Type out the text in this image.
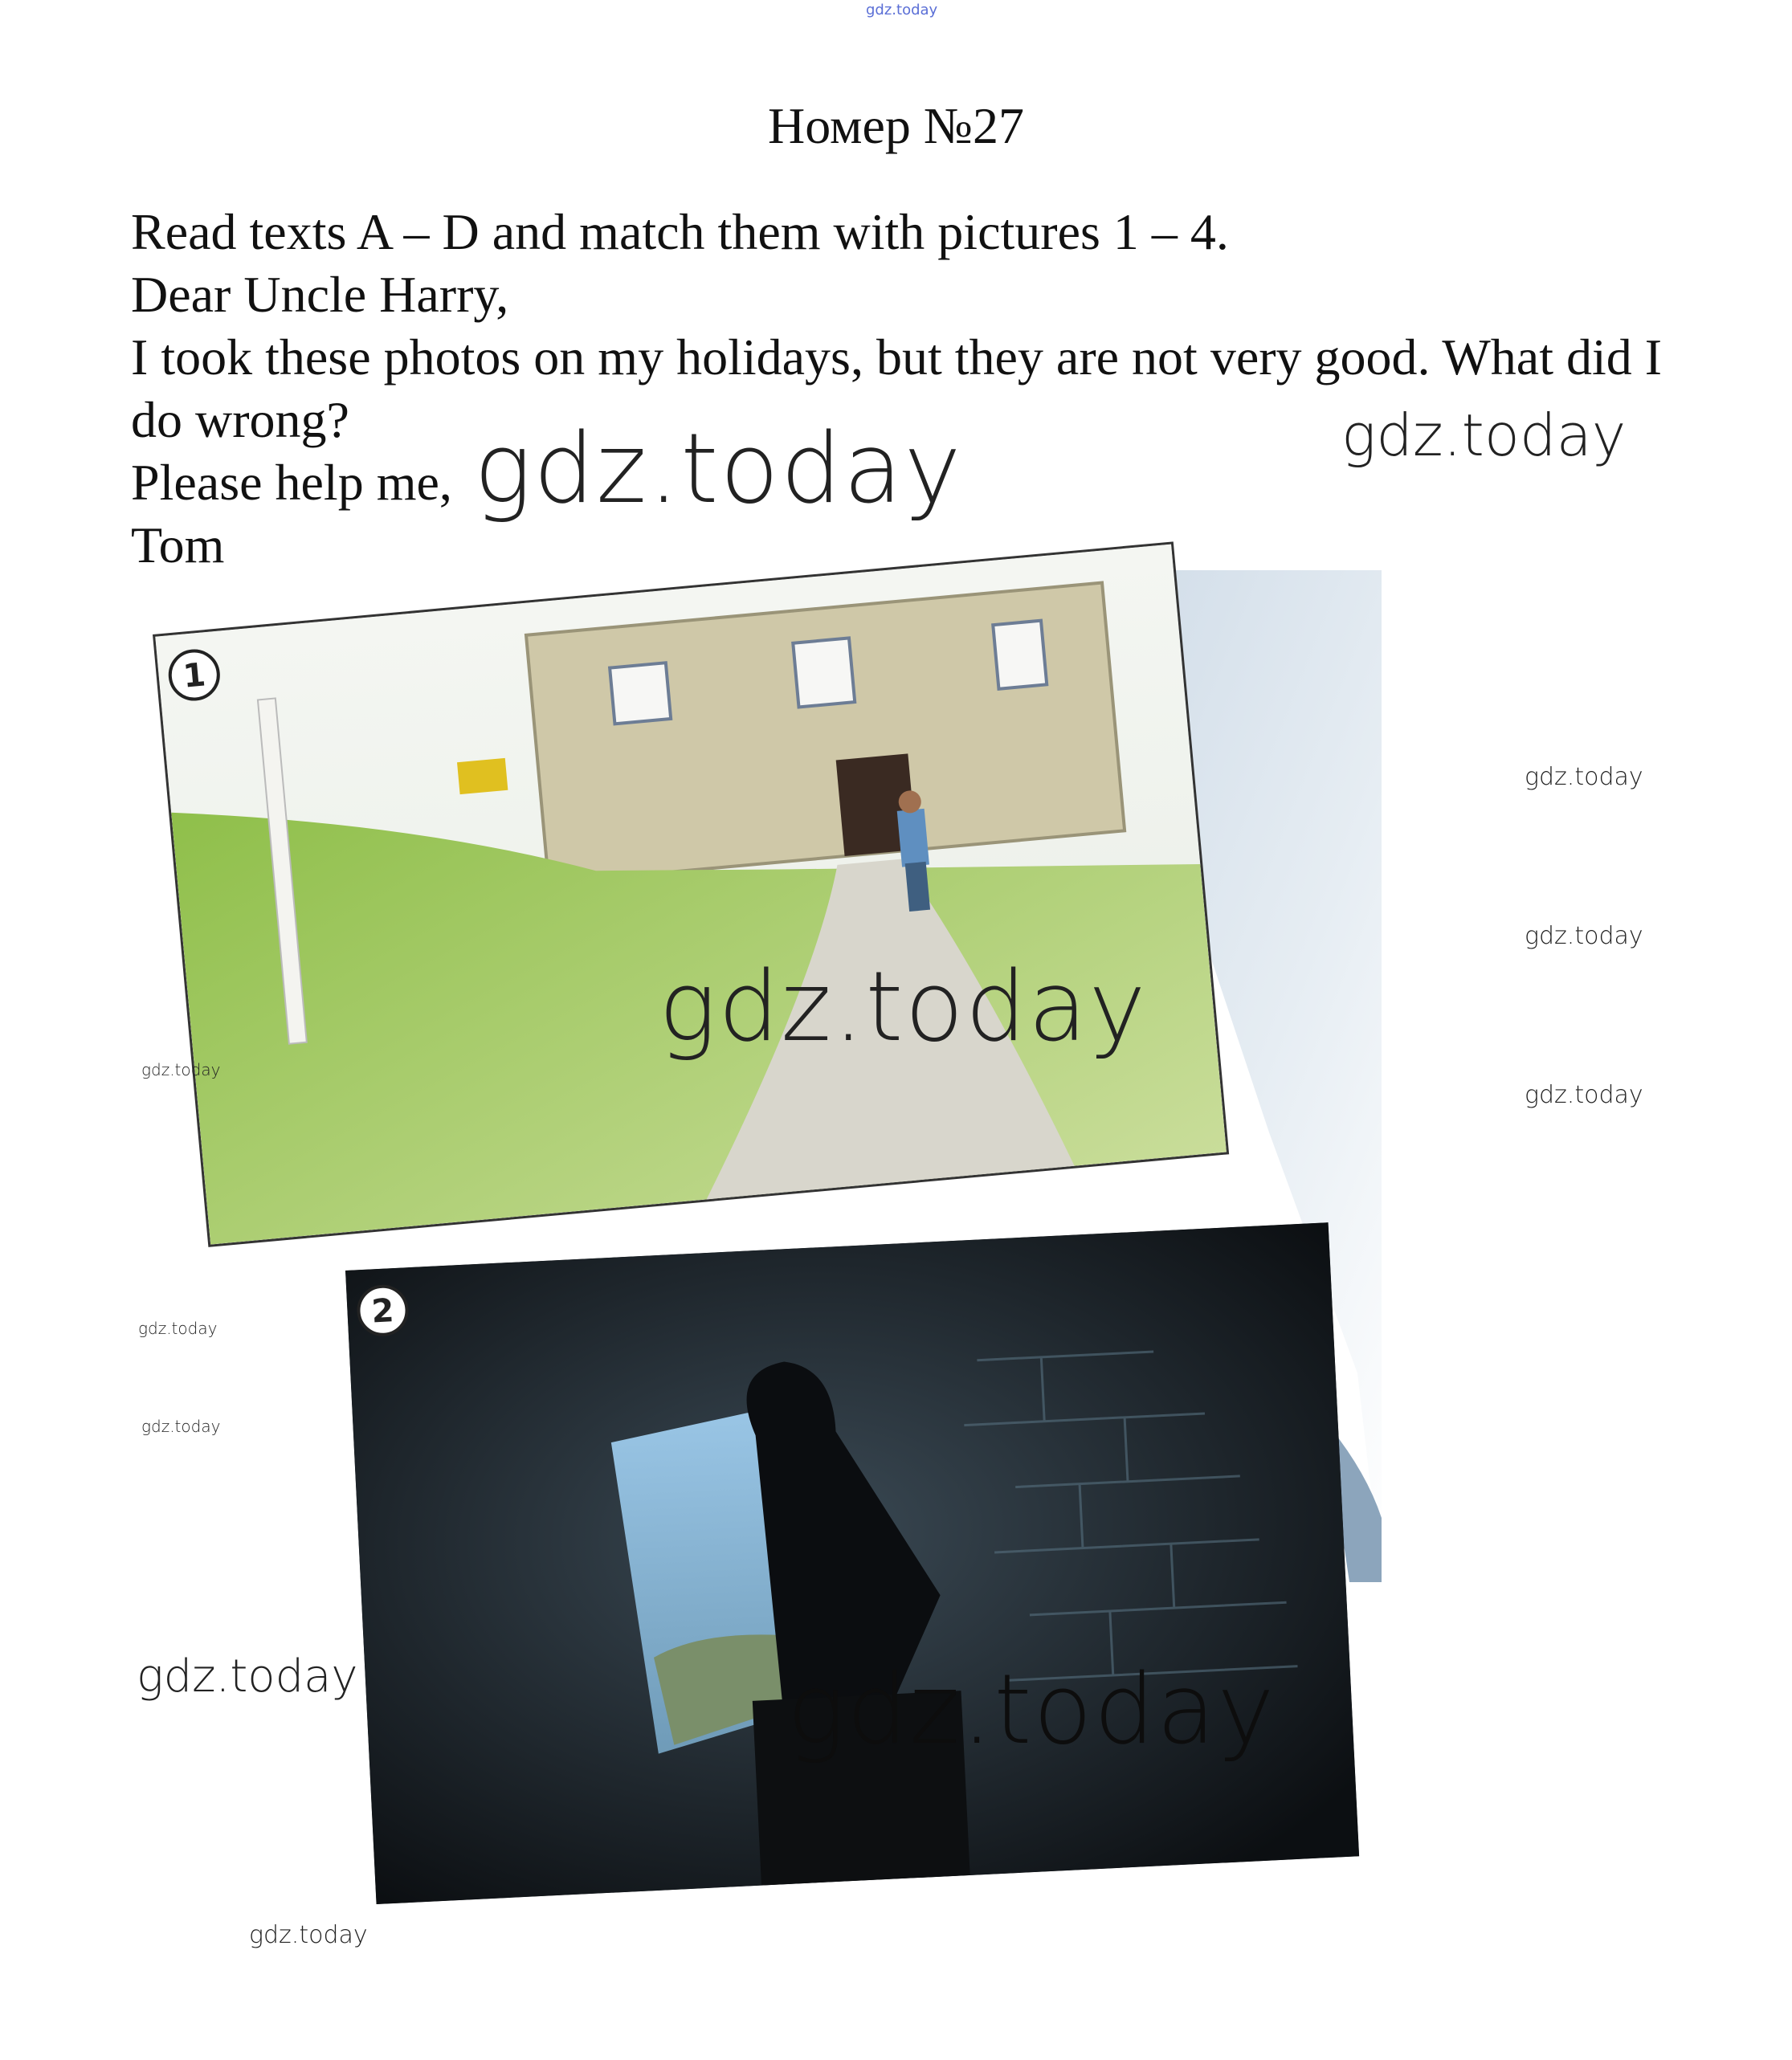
gdz.today
Номер №27
Read texts A – D and match them with pictures 1 – 4.
Dear Uncle Harry,
I took these photos on my holidays, but they are not very good. What did I do wrong?
Please help me,
Tom
1
2
gdz.today	gdz.today
gdz.today
gdz.today
gdz.today
gdz.today
gdz.today
gdz.today
gdz.today
gdz.today
gdz.today
gdz.today
